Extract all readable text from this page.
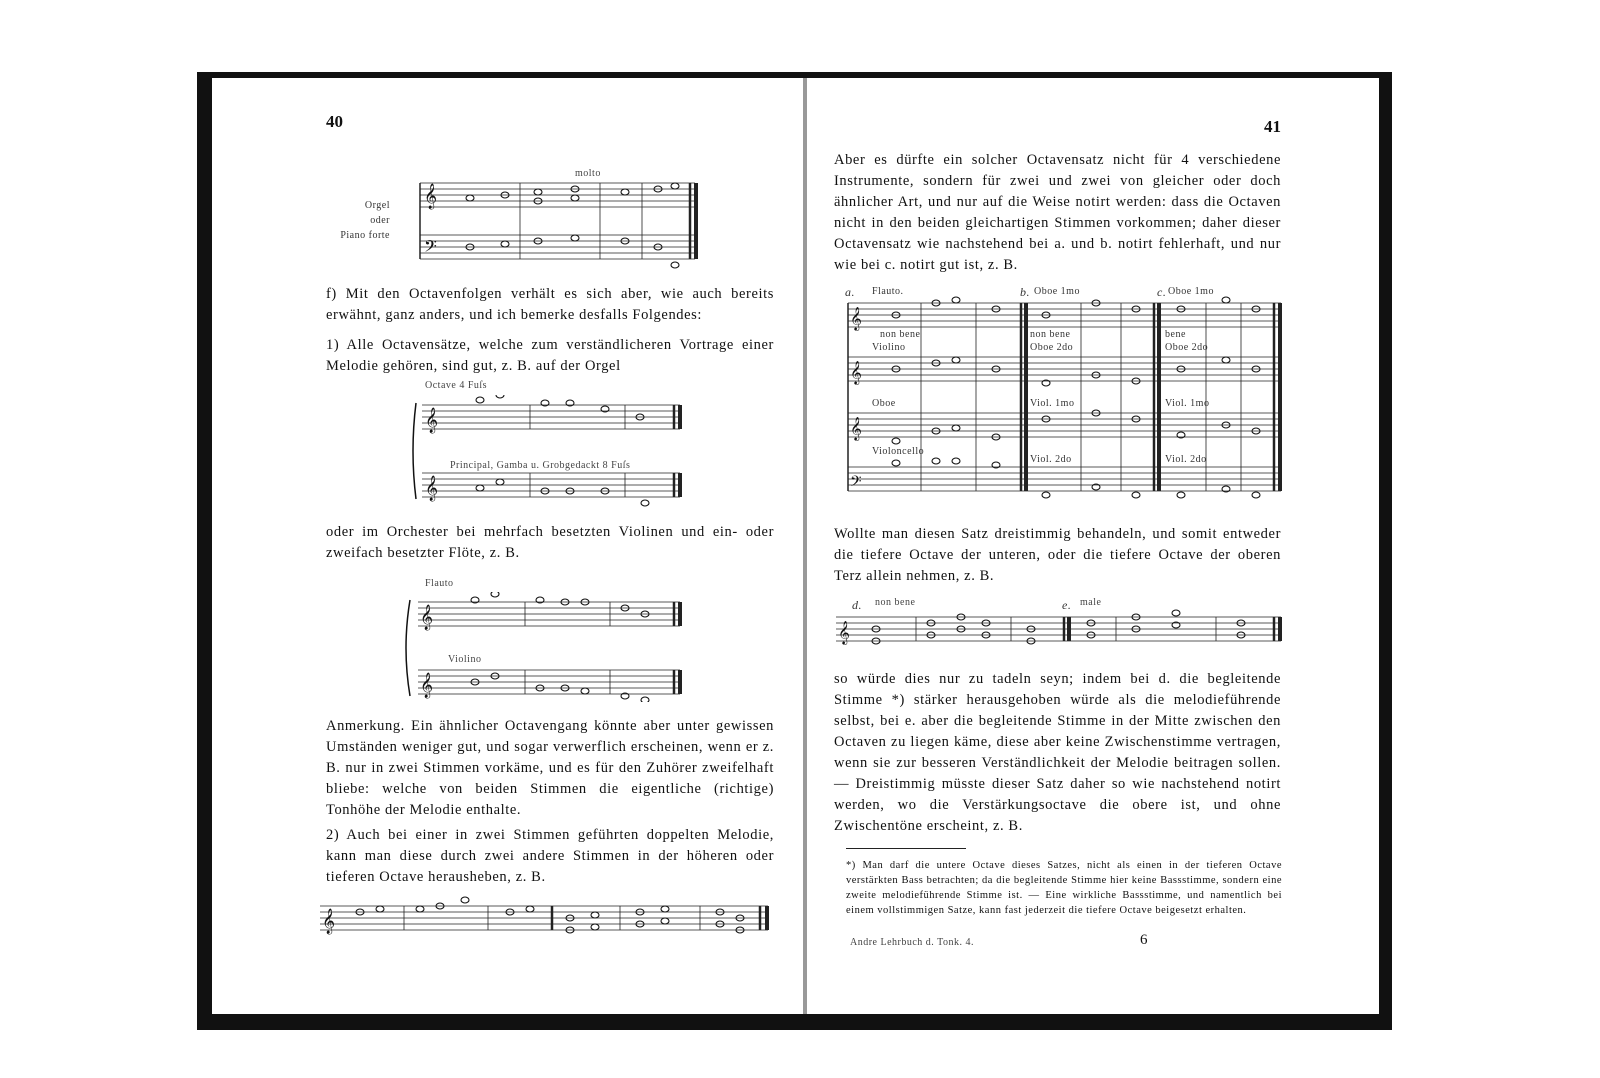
40
Orgel
oder
Piano forte
molto
𝄞
𝄢
f) Mit den Octavenfolgen verhält es sich aber, wie auch bereits erwähnt, ganz anders, und ich bemerke desfalls Folgendes:
1) Alle Octavensätze, welche zum verständlicheren Vortrage einer Melodie gehören, sind gut, z. B. auf der Orgel
Octave 4 Fuſs
Principal, Gamba u. Grobgedackt 8 Fuſs
𝄞
𝄞
oder im Orchester bei mehrfach besetzten Violinen und ein- oder zweifach besetzter Flöte, z. B.
Flauto
Violino
𝄞
𝄞
Anmerkung. Ein ähnlicher Octavengang könnte aber unter gewissen Umständen weniger gut, und sogar verwerflich erscheinen, wenn er z. B. nur in zwei Stimmen vorkäme, und es für den Zuhörer zweifelhaft bliebe: welche von beiden Stimmen die eigentliche (richtige) Tonhöhe der Melodie enthalte.
2) Auch bei einer in zwei Stimmen geführten doppelten Melodie, kann man diese durch zwei andere Stimmen in der höheren oder tieferen Octave herausheben, z. B.
𝄞
41
Aber es dürfte ein solcher Octavensatz nicht für 4 verschiedene Instrumente, sondern für zwei und zwei von gleicher oder doch ähnlicher Art, und nur auf die Weise notirt werden: dass die Octaven nicht in den beiden gleichartigen Stimmen vorkommen; daher dieser Octavensatz wie nachstehend bei a. und b. notirt fehlerhaft, und nur wie bei c. notirt gut ist, z. B.
a. Flauto.	b. Oboe 1mo	c. Oboe 1mo
non bene	non bene	bene
Violino	Oboe 2do	Oboe 2do
Oboe	Viol. 1mo	Viol. 1mo
Violoncello
Viol. 2do	Viol. 2do
𝄞
𝄞
𝄞
𝄢
Wollte man diesen Satz dreistimmig behandeln, und somit entweder die tiefere Octave der unteren, oder die tiefere Octave der oberen Terz allein nehmen, z. B.
d. non bene	e. male
𝄞
so würde dies nur zu tadeln seyn; indem bei d. die begleitende Stimme *) stärker herausgehoben würde als die melodieführende selbst, bei e. aber die begleitende Stimme in der Mitte zwischen den Octaven zu liegen käme, diese aber keine Zwischenstimme vertragen, wenn sie zur besseren Verständlichkeit der Melodie beitragen sollen. — Dreistimmig müsste dieser Satz daher so wie nachstehend notirt werden, wo die Verstärkungsoctave die obere ist, und ohne Zwischentöne erscheint, z. B.
*) Man darf die untere Octave dieses Satzes, nicht als einen in der tieferen Octave verstärkten Bass betrachten; da die begleitende Stimme hier keine Bassstimme, sondern eine zweite melodieführende Stimme ist. — Eine wirkliche Bassstimme, und namentlich bei einem vollstimmigen Satze, kann fast jederzeit die tiefere Octave beigesetzt erhalten.
Andre Lehrbuch d. Tonk. 4.	6
